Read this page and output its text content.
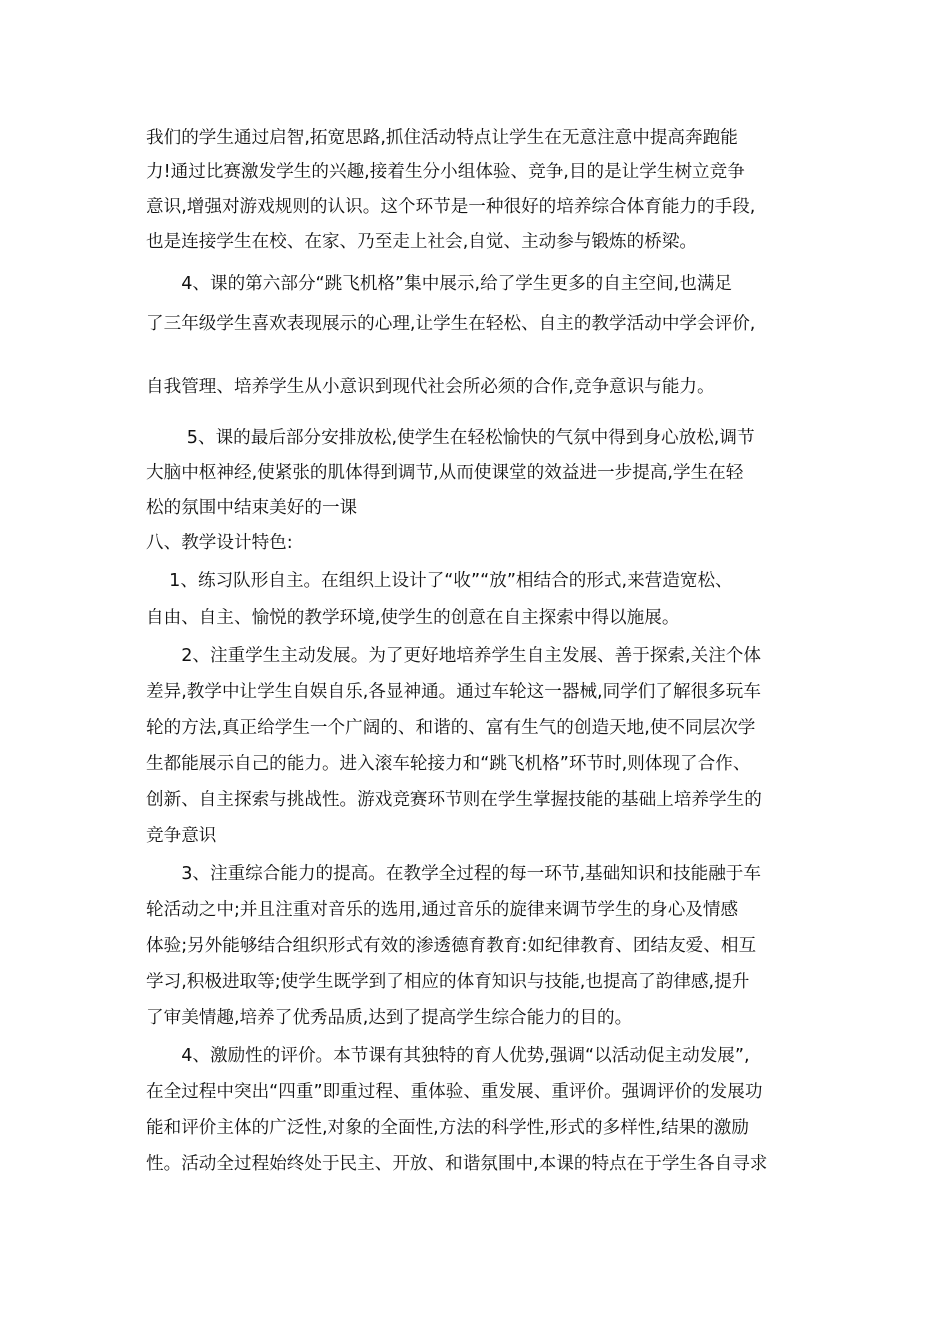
我们的学生通过启智,拓宽思路,抓住活动特点让学生在无意注意中提高奔跑能
力!通过比赛激发学生的兴趣,接着生分小组体验、竞争,目的是让学生树立竞争
意识,增强对游戏规则的认识。这个环节是一种很好的培养综合体育能力的手段,
也是连接学生在校、在家、乃至走上社会,自觉、主动参与锻炼的桥梁。
　　4、课的第六部分“跳飞机格”集中展示,给了学生更多的自主空间,也满足
了三年级学生喜欢表现展示的心理,让学生在轻松、自主的教学活动中学会评价,
自我管理、培养学生从小意识到现代社会所必须的合作,竞争意识与能力。
　　 5、课的最后部分安排放松,使学生在轻松愉快的气氛中得到身心放松,调节
大脑中枢神经,使紧张的肌体得到调节,从而使课堂的效益进一步提高,学生在轻
松的氛围中结束美好的一课
八、教学设计特色:
　 1、练习队形自主。在组织上设计了“收”“放”相结合的形式,来营造宽松、
自由、自主、愉悦的教学环境,使学生的创意在自主探索中得以施展。
　　2、注重学生主动发展。为了更好地培养学生自主发展、善于探索,关注个体
差异,教学中让学生自娱自乐,各显神通。通过车轮这一器械,同学们了解很多玩车
轮的方法,真正给学生一个广阔的、和谐的、富有生气的创造天地,使不同层次学
生都能展示自己的能力。进入滚车轮接力和“跳飞机格”环节时,则体现了合作、
创新、自主探索与挑战性。游戏竞赛环节则在学生掌握技能的基础上培养学生的
竞争意识
　　3、注重综合能力的提高。在教学全过程的每一环节,基础知识和技能融于车
轮活动之中;并且注重对音乐的选用,通过音乐的旋律来调节学生的身心及情感
体验;另外能够结合组织形式有效的渗透德育教育:如纪律教育、团结友爱、相互
学习,积极进取等;使学生既学到了相应的体育知识与技能,也提高了韵律感,提升
了审美情趣,培养了优秀品质,达到了提高学生综合能力的目的。
　　4、激励性的评价。本节课有其独特的育人优势,强调“以活动促主动发展”,
在全过程中突出“四重”即重过程、重体验、重发展、重评价。强调评价的发展功
能和评价主体的广泛性,对象的全面性,方法的科学性,形式的多样性,结果的激励
性。活动全过程始终处于民主、开放、和谐氛围中,本课的特点在于学生各自寻求
